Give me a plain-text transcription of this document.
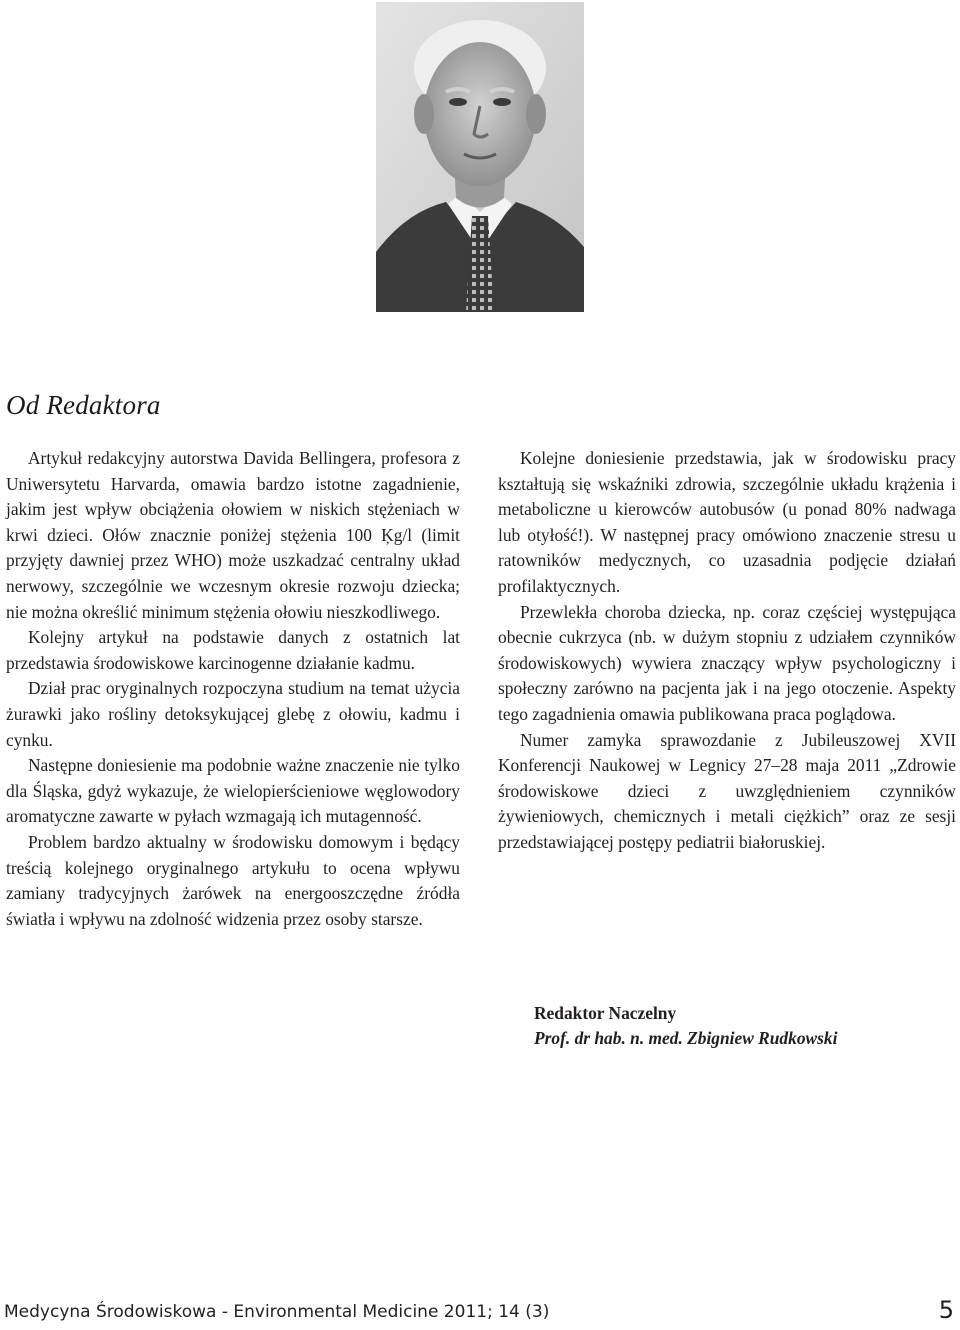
Od Redaktora

Artykuł redakcyjny autorstwa Davida Bellingera, profesora z Uniwersytetu Harvarda, omawia bardzo istotne zagadnienie, jakim jest wpływ obciążenia ołowiem w niskich stężeniach w krwi dzieci. Ołów znacznie poniżej stężenia 100 Ķg/l (limit przyjęty dawniej przez WHO) może uszkadzać centralny układ nerwowy, szczególnie we wczesnym okresie rozwoju dziecka; nie można określić minimum stężenia ołowiu nieszkodliwego.

Kolejny artykuł na podstawie danych z ostatnich lat przedstawia środowiskowe karcinogenne działanie kadmu.

Dział prac oryginalnych rozpoczyna studium na temat użycia żurawki jako rośliny detoksykującej glebę z ołowiu, kadmu i cynku.

Następne doniesienie ma podobnie ważne znaczenie nie tylko dla Śląska, gdyż wykazuje, że wielopierścieniowe węglowodory aromatyczne zawarte w pyłach wzmagają ich mutagenność.

Problem bardzo aktualny w środowisku domowym i będący treścią kolejnego oryginalnego artykułu to ocena wpływu zamiany tradycyjnych żarówek na energooszczędne źródła światła i wpływu na zdolność widzenia przez osoby starsze.

Kolejne doniesienie przedstawia, jak w środowisku pracy kształtują się wskaźniki zdrowia, szczególnie układu krążenia i metaboliczne u kierowców autobusów (u ponad 80% nadwaga lub otyłość!). W następnej pracy omówiono znaczenie stresu u ratowników medycznych, co uzasadnia podjęcie działań profilaktycznych.

Przewlekła choroba dziecka, np. coraz częściej występująca obecnie cukrzyca (nb. w dużym stopniu z udziałem czynników środowiskowych) wywiera znaczący wpływ psychologiczny i społeczny zarówno na pacjenta jak i na jego otoczenie. Aspekty tego zagadnienia omawia publikowana praca poglądowa.

Numer zamyka sprawozdanie z Jubileuszowej XVII Konferencji Naukowej w Legnicy 27–28 maja 2011 „Zdrowie środowiskowe dzieci z uwzględnieniem czynników żywieniowych, chemicznych i metali ciężkich” oraz ze sesji przedstawiającej postępy pediatrii białoruskiej.

Redaktor Naczelny
Prof. dr hab. n. med. Zbigniew Rudkowski
Medycyna Środowiskowa - Environmental Medicine 2011; 14 (3)	5
